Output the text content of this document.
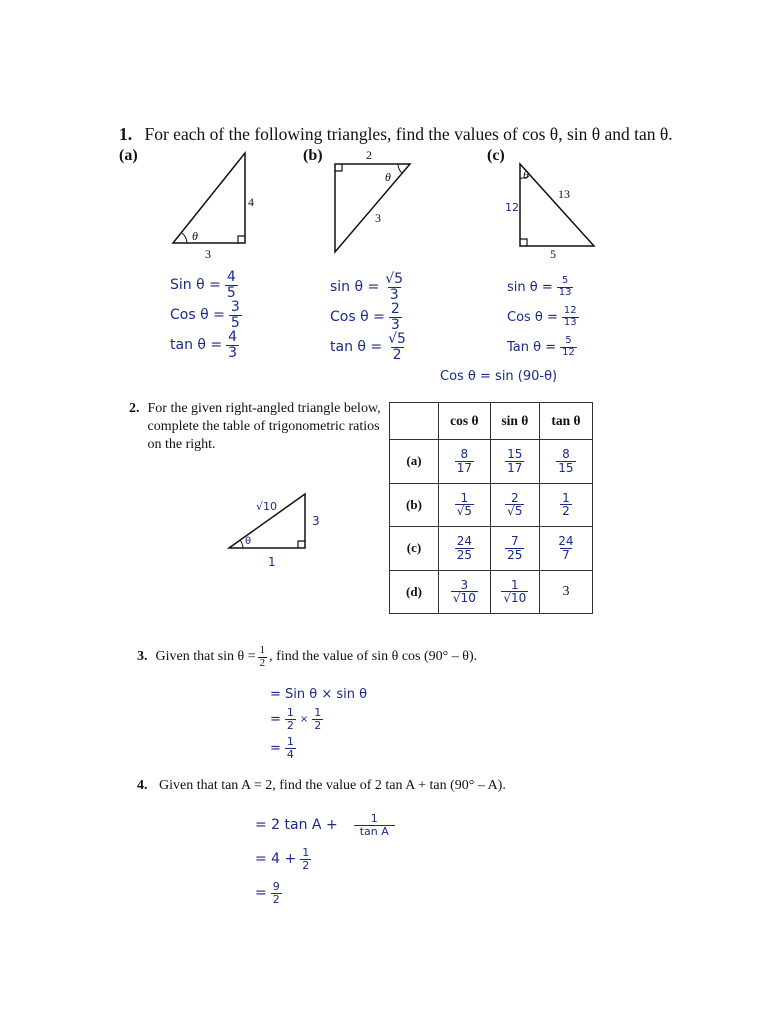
1. For each of the following triangles, find the values of cos θ, sin θ and tan θ.
(a)	(b)	(c)
θ
4
3
2
θ
3
θ
13
12
5
Sin $\theta = \frac{4}{5}$
Cos $\theta = \frac{3}{5}$
$\tan \theta = \frac{4}{3}$
$\sin \theta = \frac{√5}{3}$
Cos $\theta = \frac{2}{3}$
$\tan \theta = \frac{√5}{2}$
$\sin \theta = \frac{5}{13}$
Cos $\theta = \frac{12}{13}$
Tan $\theta = \frac{5}{12}$
Cos θ = sin (90-θ)
2. For the given right-angled triangle below,
complete the table of trigonometric ratios
on the right.
√10
3
1
θ
	cos θ	sin θ	tan θ
(a)	$\frac{8}{17}$	$\frac{15}{17}$	$\frac{8}{15}$

(b)	$\frac{1}{√5}$	$\frac{2}{√5}$	$\frac{1}{2}$

(c)	$\frac{24}{25}$	$\frac{7}{25}$	$\frac{24}{7}$

(d)	$\frac{3}{√10}$	$\frac{1}{√10}$	3
3. Given that $\sin \theta = \frac{1}{2}$ , find the value of sin θ cos (90° – θ).
= Sin θ × sin θ
= $\frac{1}{2} \times \frac{1}{2}$
= $\frac{1}{4}$
4. Given that tan A = 2, find the value of 2 tan A + tan (90° – A).
= 2 $\tan A + \frac{1}{\text{tan A}}$
= $4 + \frac{1}{2}$
= $\frac{9}{2}$
